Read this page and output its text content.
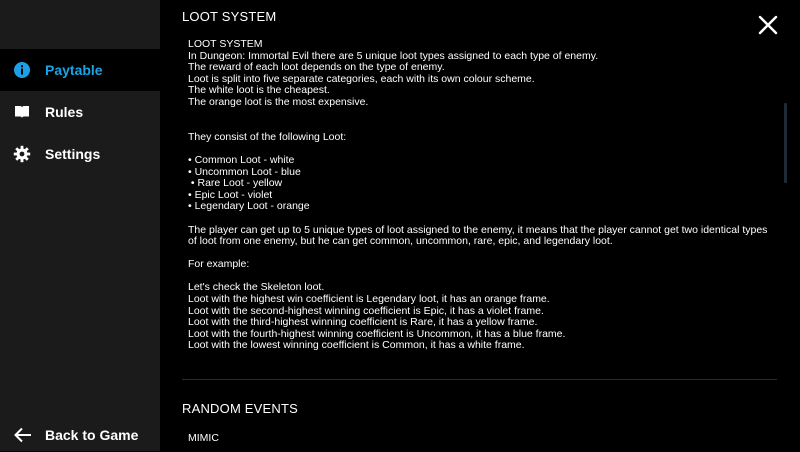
Paytable
Rules
Settings
Back to Game
LOOT SYSTEM

LOOT SYSTEM

In Dungeon: Immortal Evil there are 5 unique loot types assigned to each type of enemy.

The reward of each loot depends on the type of enemy.

Loot is split into five separate categories, each with its own colour scheme.

The white loot is the cheapest.

The orange loot is the most expensive.

They consist of the following Loot:

• Common Loot - white

• Uncommon Loot - blue

• Rare Loot - yellow

• Epic Loot - violet

• Legendary Loot - orange

The player can get up to 5 unique types of loot assigned to the enemy, it means that the player cannot get two identical types

of loot from one enemy, but he can get common, uncommon, rare, epic, and legendary loot.

For example:

Let's check the Skeleton loot.

Loot with the highest win coefficient is Legendary loot, it has an orange frame.

Loot with the second-highest winning coefficient is Epic, it has a violet frame.

Loot with the third-highest winning coefficient is Rare, it has a yellow frame.

Loot with the fourth-highest winning coefficient is Uncommon, it has a blue frame.

Loot with the lowest winning coefficient is Common, it has a white frame.

RANDOM EVENTS
MIMIC
